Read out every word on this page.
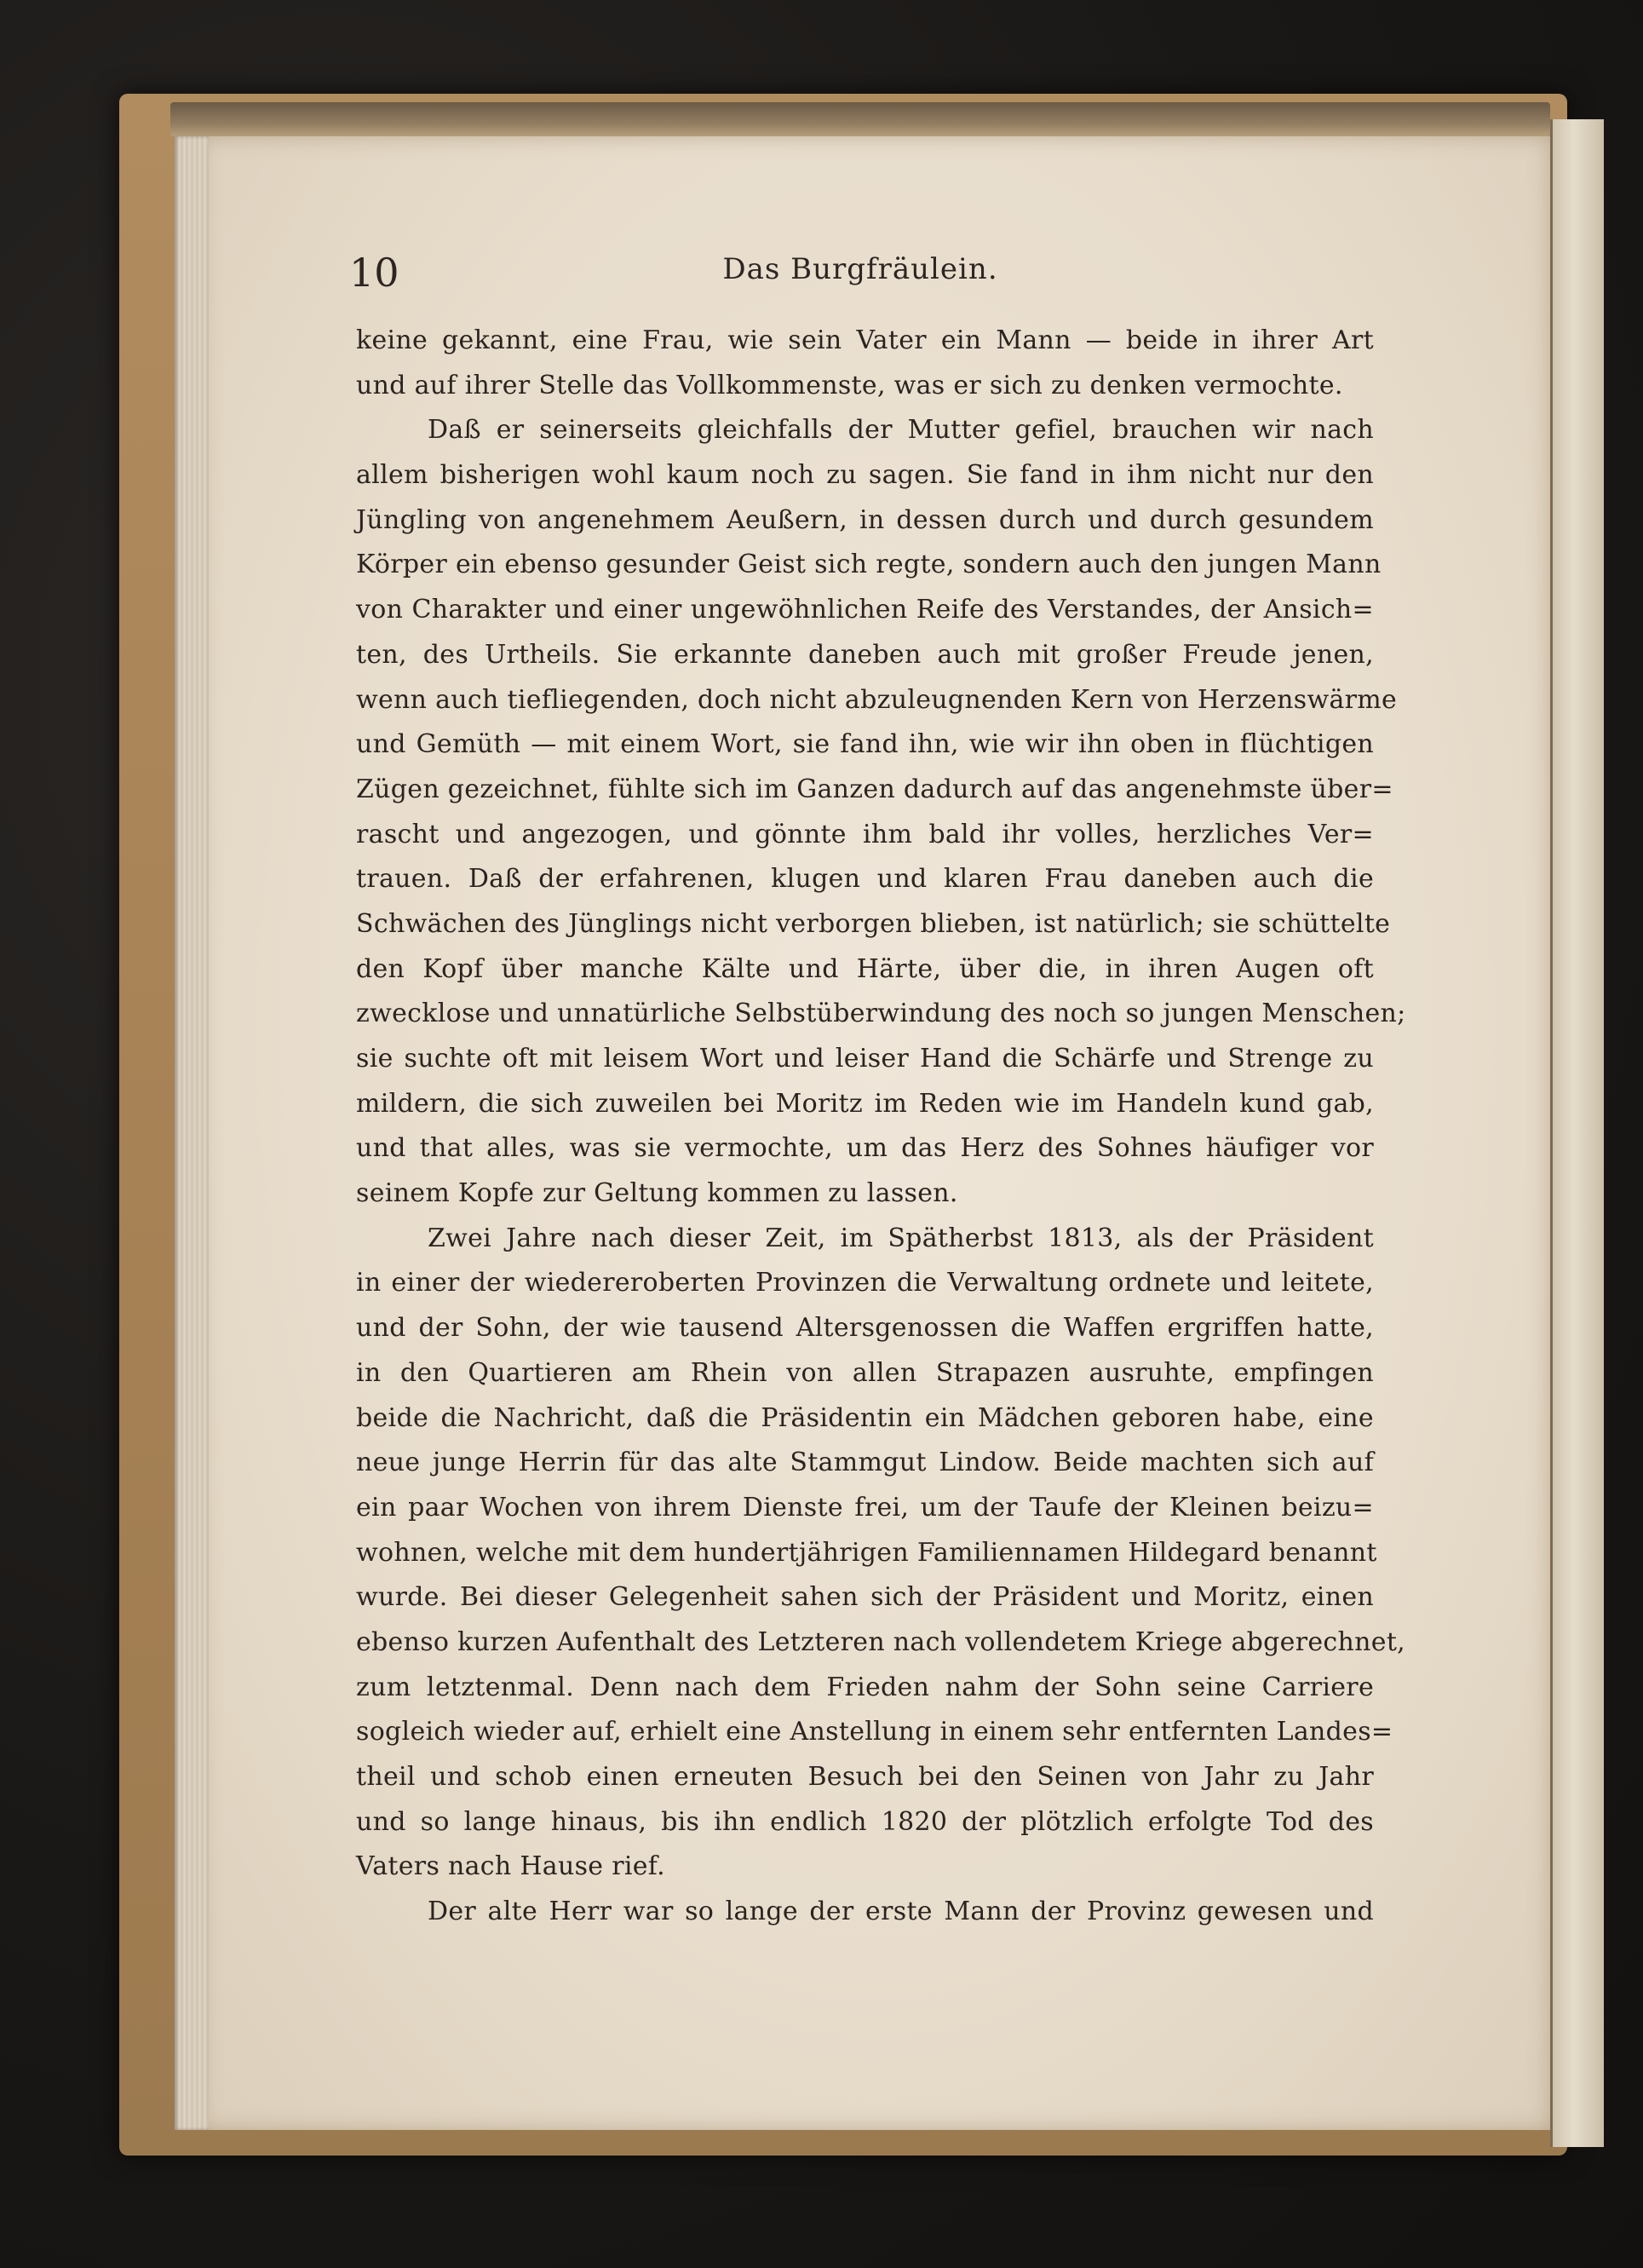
10	Das Burgfräulein.
keine gekannt, eine Frau, wie sein Vater ein Mann — beide in ihrer Art
und auf ihrer Stelle das Vollkommenste, was er sich zu denken vermochte.
Daß er seinerseits gleichfalls der Mutter gefiel, brauchen wir nach
allem bisherigen wohl kaum noch zu sagen. Sie fand in ihm nicht nur den
Jüngling von angenehmem Aeußern, in dessen durch und durch gesundem
Körper ein ebenso gesunder Geist sich regte, sondern auch den jungen Mann
von Charakter und einer ungewöhnlichen Reife des Verstandes, der Ansich=
ten, des Urtheils. Sie erkannte daneben auch mit großer Freude jenen,
wenn auch tiefliegenden, doch nicht abzuleugnenden Kern von Herzenswärme
und Gemüth — mit einem Wort, sie fand ihn, wie wir ihn oben in flüchtigen
Zügen gezeichnet, fühlte sich im Ganzen dadurch auf das angenehmste über=
rascht und angezogen, und gönnte ihm bald ihr volles, herzliches Ver=
trauen. Daß der erfahrenen, klugen und klaren Frau daneben auch die
Schwächen des Jünglings nicht verborgen blieben, ist natürlich; sie schüttelte
den Kopf über manche Kälte und Härte, über die, in ihren Augen oft
zwecklose und unnatürliche Selbstüberwindung des noch so jungen Menschen;
sie suchte oft mit leisem Wort und leiser Hand die Schärfe und Strenge zu
mildern, die sich zuweilen bei Moritz im Reden wie im Handeln kund gab,
und that alles, was sie vermochte, um das Herz des Sohnes häufiger vor
seinem Kopfe zur Geltung kommen zu lassen.
Zwei Jahre nach dieser Zeit, im Spätherbst 1813, als der Präsident
in einer der wiedereroberten Provinzen die Verwaltung ordnete und leitete,
und der Sohn, der wie tausend Altersgenossen die Waffen ergriffen hatte,
in den Quartieren am Rhein von allen Strapazen ausruhte, empfingen
beide die Nachricht, daß die Präsidentin ein Mädchen geboren habe, eine
neue junge Herrin für das alte Stammgut Lindow. Beide machten sich auf
ein paar Wochen von ihrem Dienste frei, um der Taufe der Kleinen beizu=
wohnen, welche mit dem hundertjährigen Familiennamen Hildegard benannt
wurde. Bei dieser Gelegenheit sahen sich der Präsident und Moritz, einen
ebenso kurzen Aufenthalt des Letzteren nach vollendetem Kriege abgerechnet,
zum letztenmal. Denn nach dem Frieden nahm der Sohn seine Carriere
sogleich wieder auf, erhielt eine Anstellung in einem sehr entfernten Landes=
theil und schob einen erneuten Besuch bei den Seinen von Jahr zu Jahr
und so lange hinaus, bis ihn endlich 1820 der plötzlich erfolgte Tod des
Vaters nach Hause rief.
Der alte Herr war so lange der erste Mann der Provinz gewesen und
